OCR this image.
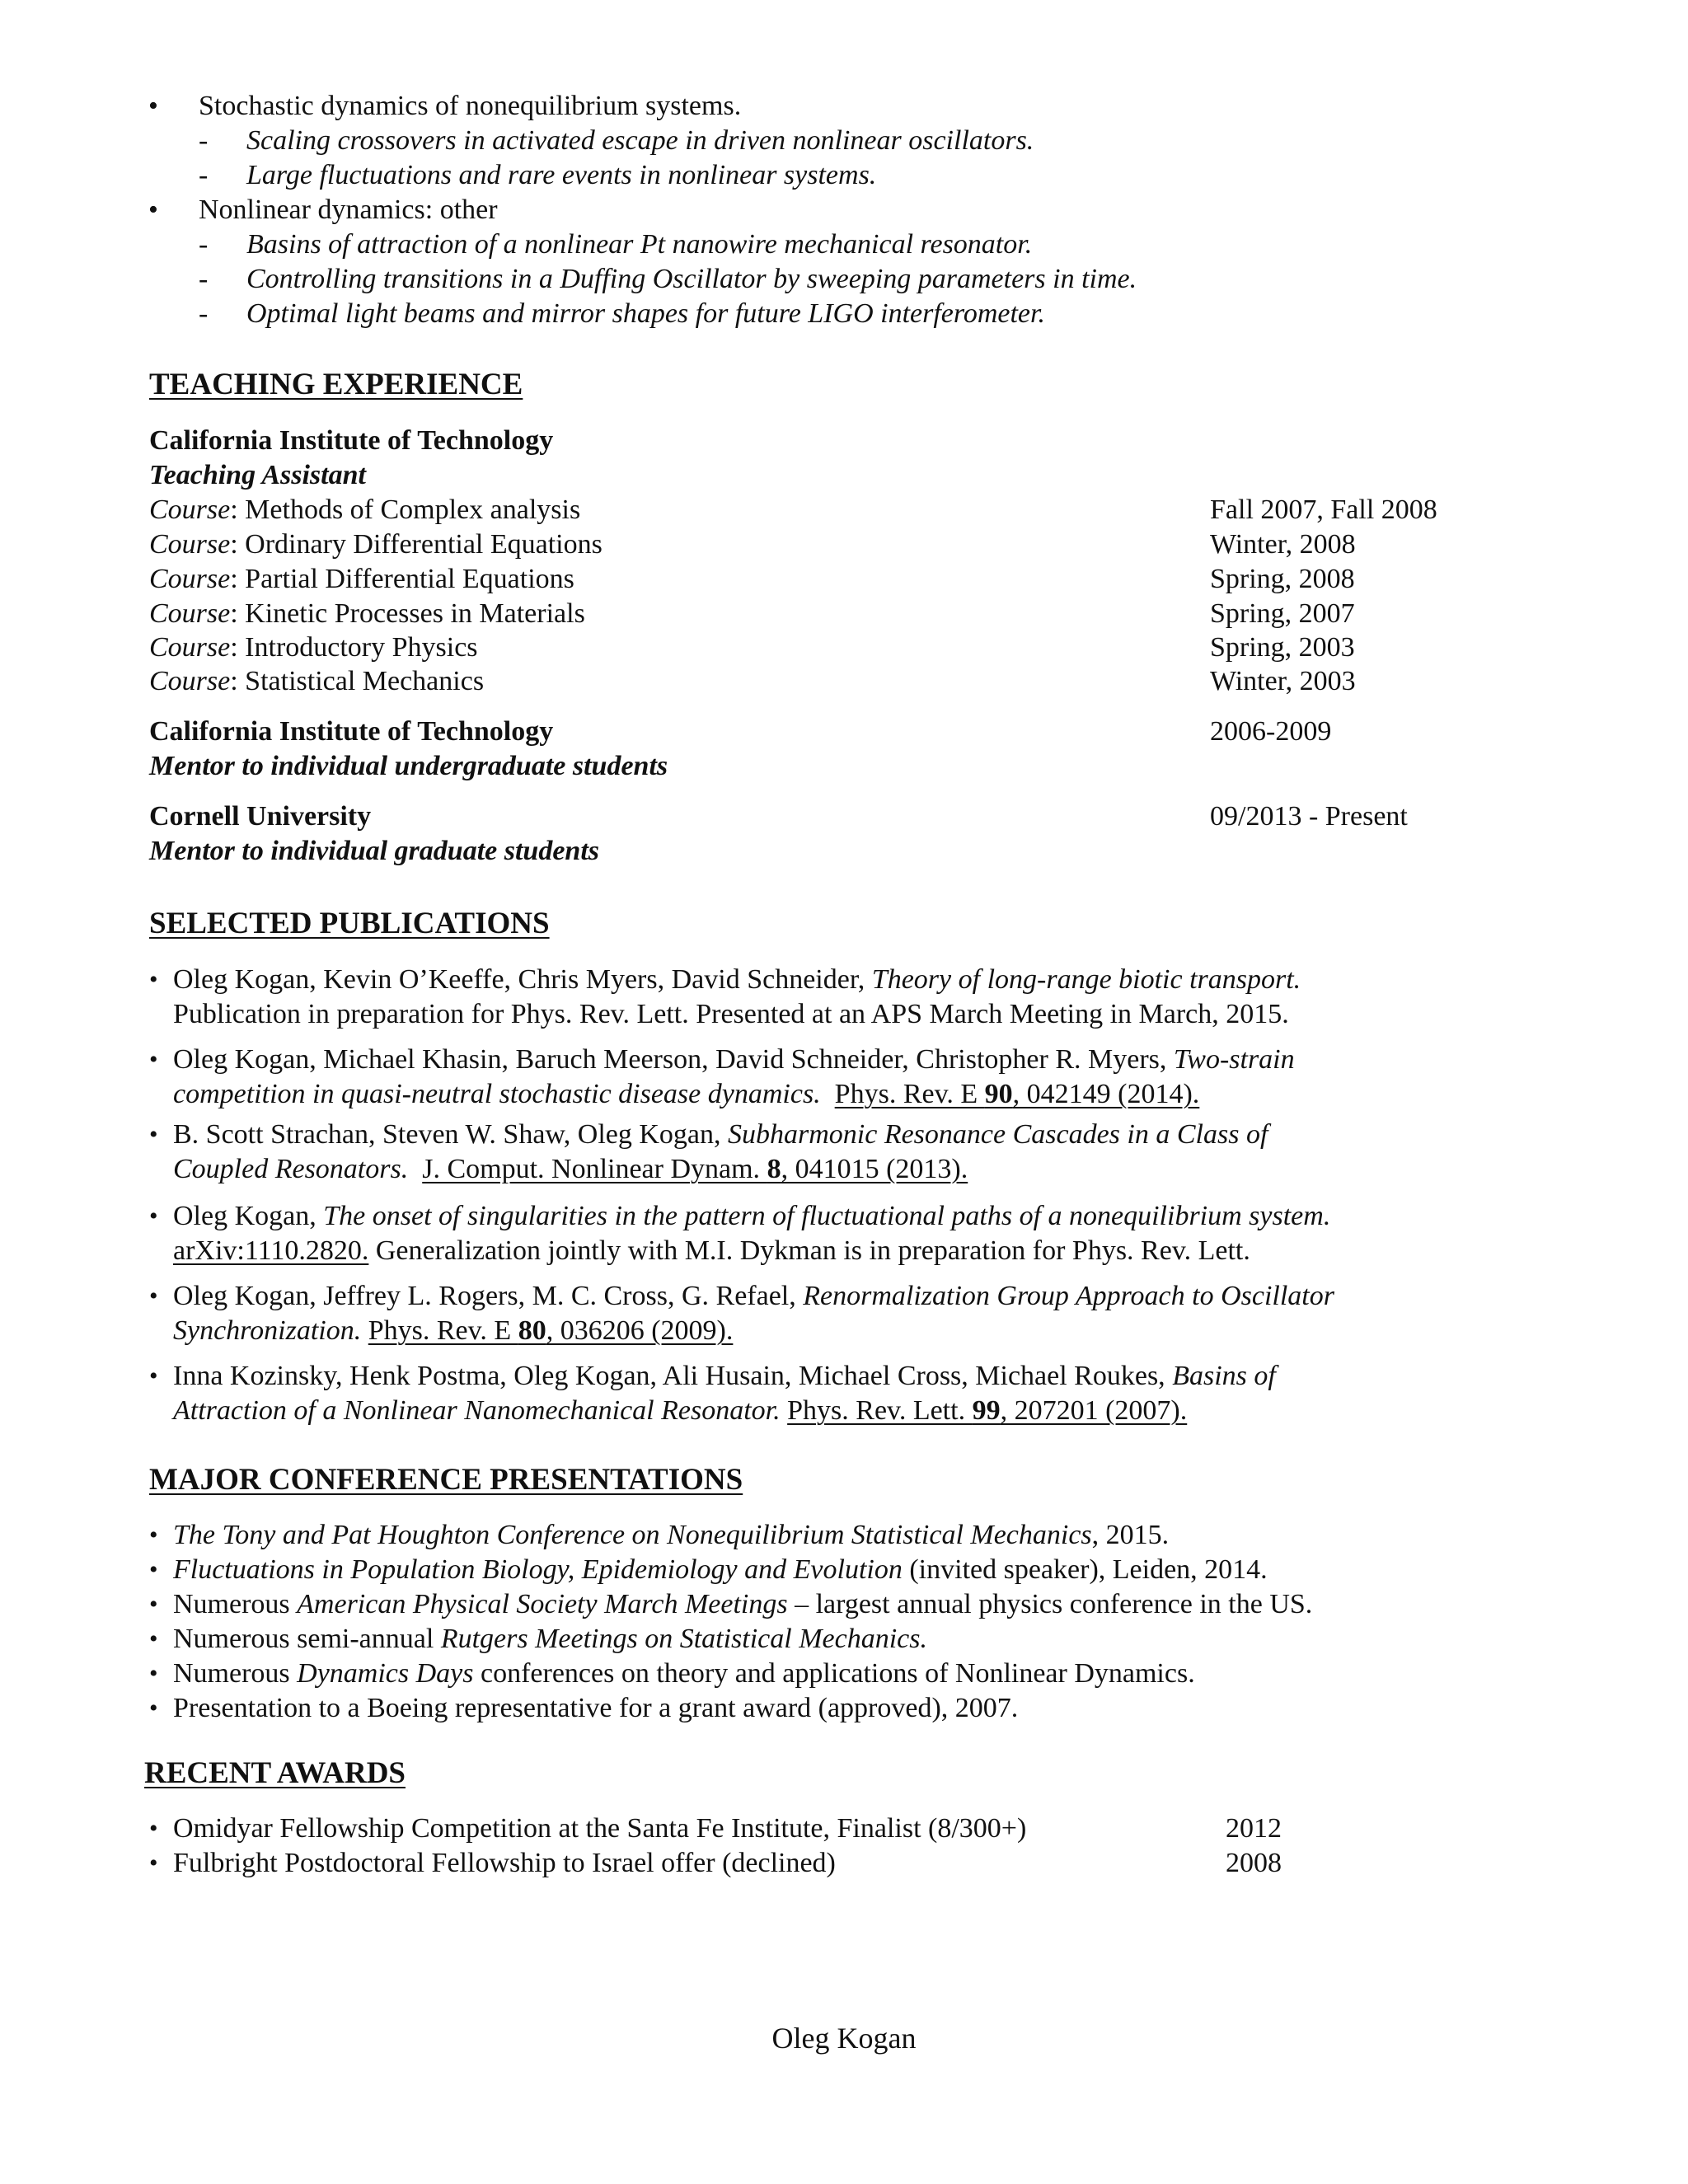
• Stochastic dynamics of nonequilibrium systems.
- Scaling crossovers in activated escape in driven nonlinear oscillators.
- Large fluctuations and rare events in nonlinear systems.
• Nonlinear dynamics: other
- Basins of attraction of a nonlinear Pt nanowire mechanical resonator.
- Controlling transitions in a Duffing Oscillator by sweeping parameters in time.
- Optimal light beams and mirror shapes for future LIGO interferometer.
TEACHING EXPERIENCE
California Institute of Technology
Teaching Assistant
Course: Methods of Complex analysis	Fall 2007, Fall 2008
Course: Ordinary Differential Equations	Winter, 2008
Course: Partial Differential Equations	Spring, 2008
Course: Kinetic Processes in Materials	Spring, 2007
Course: Introductory Physics	Spring, 2003
Course: Statistical Mechanics	Winter, 2003
California Institute of Technology	2006-2009
Mentor to individual undergraduate students
Cornell University	09/2013 - Present
Mentor to individual graduate students
SELECTED PUBLICATIONS
• Oleg Kogan, Kevin O’Keeffe, Chris Myers, David Schneider, Theory of long-range biotic transport.
Publication in preparation for Phys. Rev. Lett. Presented at an APS March Meeting in March, 2015.
• Oleg Kogan, Michael Khasin, Baruch Meerson, David Schneider, Christopher R. Myers, Two-strain
competition in quasi-neutral stochastic disease dynamics. Phys. Rev. E 90, 042149 (2014).
• B. Scott Strachan, Steven W. Shaw, Oleg Kogan, Subharmonic Resonance Cascades in a Class of
Coupled Resonators. J. Comput. Nonlinear Dynam. 8, 041015 (2013).
• Oleg Kogan, The onset of singularities in the pattern of fluctuational paths of a nonequilibrium system.
arXiv:1110.2820. Generalization jointly with M.I. Dykman is in preparation for Phys. Rev. Lett.
• Oleg Kogan, Jeffrey L. Rogers, M. C. Cross, G. Refael, Renormalization Group Approach to Oscillator
Synchronization. Phys. Rev. E 80, 036206 (2009).
• Inna Kozinsky, Henk Postma, Oleg Kogan, Ali Husain, Michael Cross, Michael Roukes, Basins of
Attraction of a Nonlinear Nanomechanical Resonator. Phys. Rev. Lett. 99, 207201 (2007).
MAJOR CONFERENCE PRESENTATIONS
• The Tony and Pat Houghton Conference on Nonequilibrium Statistical Mechanics, 2015.
• Fluctuations in Population Biology, Epidemiology and Evolution (invited speaker), Leiden, 2014.
• Numerous American Physical Society March Meetings – largest annual physics conference in the US.
• Numerous semi-annual Rutgers Meetings on Statistical Mechanics.
• Numerous Dynamics Days conferences on theory and applications of Nonlinear Dynamics.
• Presentation to a Boeing representative for a grant award (approved), 2007.
RECENT AWARDS
• Omidyar Fellowship Competition at the Santa Fe Institute, Finalist (8/300+)	2012
• Fulbright Postdoctoral Fellowship to Israel offer (declined)	2008
Oleg Kogan
